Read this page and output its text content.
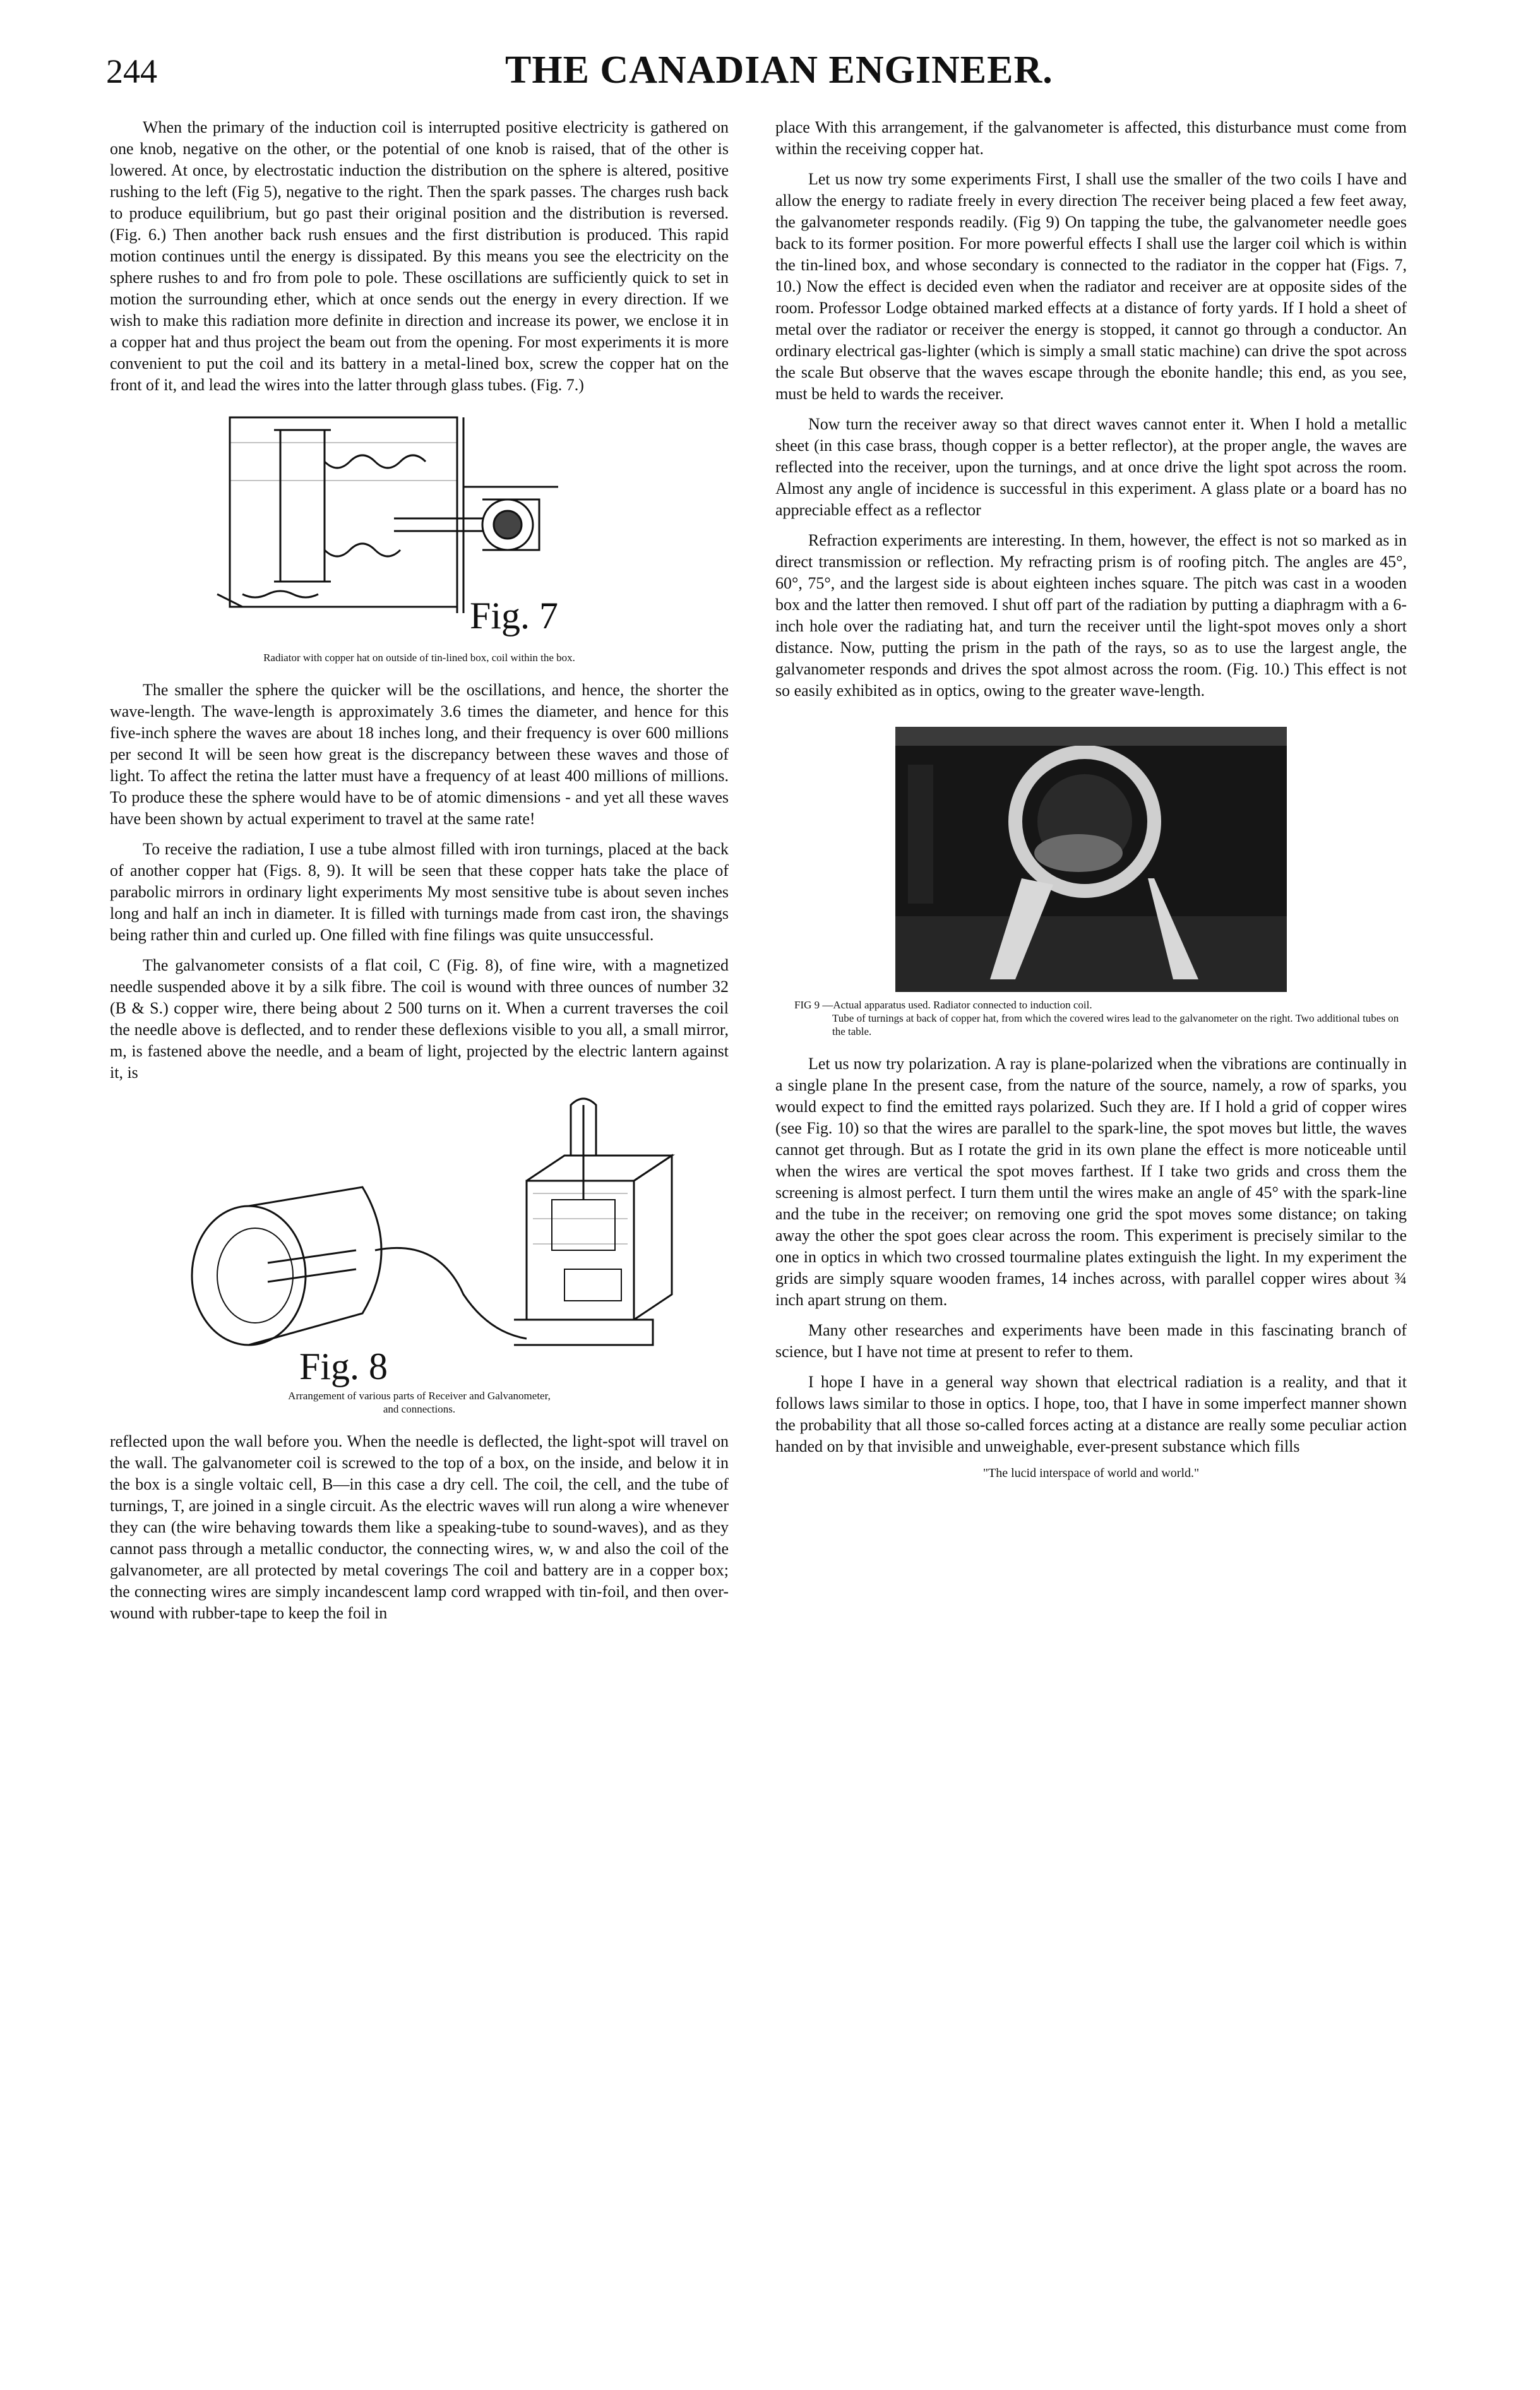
244	THE CANADIAN ENGINEER.

When the primary of the induction coil is interrupted positive electricity is gathered on one knob, negative on the other, or the potential of one knob is raised, that of the other is lowered. At once, by electrostatic induction the distribution on the sphere is altered, positive rushing to the left (Fig 5), negative to the right. Then the spark passes. The charges rush back to produce equilibrium, but go past their original position and the distribution is reversed. (Fig. 6.) Then another back rush ensues and the first distribution is produced. This rapid motion continues until the energy is dissipated. By this means you see the electricity on the sphere rushes to and fro from pole to pole. These oscillations are sufficiently quick to set in motion the surrounding ether, which at once sends out the energy in every direction. If we wish to make this radiation more definite in direction and increase its power, we enclose it in a copper hat and thus project the beam out from the opening. For most experiments it is more convenient to put the coil and its battery in a metal-lined box, screw the copper hat on the front of it, and lead the wires into the latter through glass tubes. (Fig. 7.)

Fig. 7
Radiator with copper hat on outside of tin-lined box, coil within the box.

The smaller the sphere the quicker will be the oscillations, and hence, the shorter the wave-length. The wave-length is approximately 3.6 times the diameter, and hence for this five-inch sphere the waves are about 18 inches long, and their frequency is over 600 millions per second It will be seen how great is the discrepancy between these waves and those of light. To affect the retina the latter must have a frequency of at least 400 millions of millions. To produce these the sphere would have to be of atomic dimensions - and yet all these waves have been shown by actual experiment to travel at the same rate!

To receive the radiation, I use a tube almost filled with iron turnings, placed at the back of another copper hat (Figs. 8, 9). It will be seen that these copper hats take the place of parabolic mirrors in ordinary light experiments My most sensitive tube is about seven inches long and half an inch in diameter. It is filled with turnings made from cast iron, the shavings being rather thin and curled up. One filled with fine filings was quite unsuccessful.

The galvanometer consists of a flat coil, C (Fig. 8), of fine wire, with a magnetized needle suspended above it by a silk fibre. The coil is wound with three ounces of number 32 (B & S.) copper wire, there being about 2 500 turns on it. When a current traverses the coil the needle above is deflected, and to render these deflexions visible to you all, a small mirror, m, is fastened above the needle, and a beam of light, projected by the electric lantern against it, is

Fig. 8
Arrangement of various parts of Receiver and Galvanometer,
and connections.

reflected upon the wall before you. When the needle is deflected, the light-spot will travel on the wall. The galvanometer coil is screwed to the top of a box, on the inside, and below it in the box is a single voltaic cell, B—in this case a dry cell. The coil, the cell, and the tube of turnings, T, are joined in a single circuit. As the electric waves will run along a wire whenever they can (the wire behaving towards them like a speaking-tube to sound-waves), and as they cannot pass through a metallic conductor, the connecting wires, w, w and also the coil of the galvanometer, are all protected by metal coverings The coil and battery are in a copper box; the connecting wires are simply incandescent lamp cord wrapped with tin-foil, and then over-wound with rubber-tape to keep the foil in

place With this arrangement, if the galvanometer is affected, this disturbance must come from within the receiving copper hat.

Let us now try some experiments First, I shall use the smaller of the two coils I have and allow the energy to radiate freely in every direction The receiver being placed a few feet away, the galvanometer responds readily. (Fig 9) On tapping the tube, the galvanometer needle goes back to its former position. For more powerful effects I shall use the larger coil which is within the tin-lined box, and whose secondary is connected to the radiator in the copper hat (Figs. 7, 10.) Now the effect is decided even when the radiator and receiver are at opposite sides of the room. Professor Lodge obtained marked effects at a distance of forty yards. If I hold a sheet of metal over the radiator or receiver the energy is stopped, it cannot go through a conductor. An ordinary electrical gas-lighter (which is simply a small static machine) can drive the spot across the scale But observe that the waves escape through the ebonite handle; this end, as you see, must be held to wards the receiver.

Now turn the receiver away so that direct waves cannot enter it. When I hold a metallic sheet (in this case brass, though copper is a better reflector), at the proper angle, the waves are reflected into the receiver, upon the turnings, and at once drive the light spot across the room. Almost any angle of incidence is successful in this experiment. A glass plate or a board has no appreciable effect as a reflector

Refraction experiments are interesting. In them, however, the effect is not so marked as in direct transmission or reflection. My refracting prism is of roofing pitch. The angles are 45°, 60°, 75°, and the largest side is about eighteen inches square. The pitch was cast in a wooden box and the latter then removed. I shut off part of the radiation by putting a diaphragm with a 6-inch hole over the radiating hat, and turn the receiver until the light-spot moves only a short distance. Now, putting the prism in the path of the rays, so as to use the largest angle, the galvanometer responds and drives the spot almost across the room. (Fig. 10.) This effect is not so easily exhibited as in optics, owing to the greater wave-length.

FIG 9 —Actual apparatus used. Radiator connected to induction coil.
Tube of turnings at back of copper hat, from which the covered wires lead to the galvanometer on the right. Two additional tubes on the table.

Let us now try polarization. A ray is plane-polarized when the vibrations are continually in a single plane In the present case, from the nature of the source, namely, a row of sparks, you would expect to find the emitted rays polarized. Such they are. If I hold a grid of copper wires (see Fig. 10) so that the wires are parallel to the spark-line, the spot moves but little, the waves cannot get through. But as I rotate the grid in its own plane the effect is more noticeable until when the wires are vertical the spot moves farthest. If I take two grids and cross them the screening is almost perfect. I turn them until the wires make an angle of 45° with the spark-line and the tube in the receiver; on removing one grid the spot moves some distance; on taking away the other the spot goes clear across the room. This experiment is precisely similar to the one in optics in which two crossed tourmaline plates extinguish the light. In my experiment the grids are simply square wooden frames, 14 inches across, with parallel copper wires about ¾ inch apart strung on them.

Many other researches and experiments have been made in this fascinating branch of science, but I have not time at present to refer to them.

I hope I have in a general way shown that electrical radiation is a reality, and that it follows laws similar to those in optics. I hope, too, that I have in some imperfect manner shown the probability that all those so-called forces acting at a distance are really some peculiar action handed on by that invisible and unweighable, ever-present substance which fills

"The lucid interspace of world and world."
